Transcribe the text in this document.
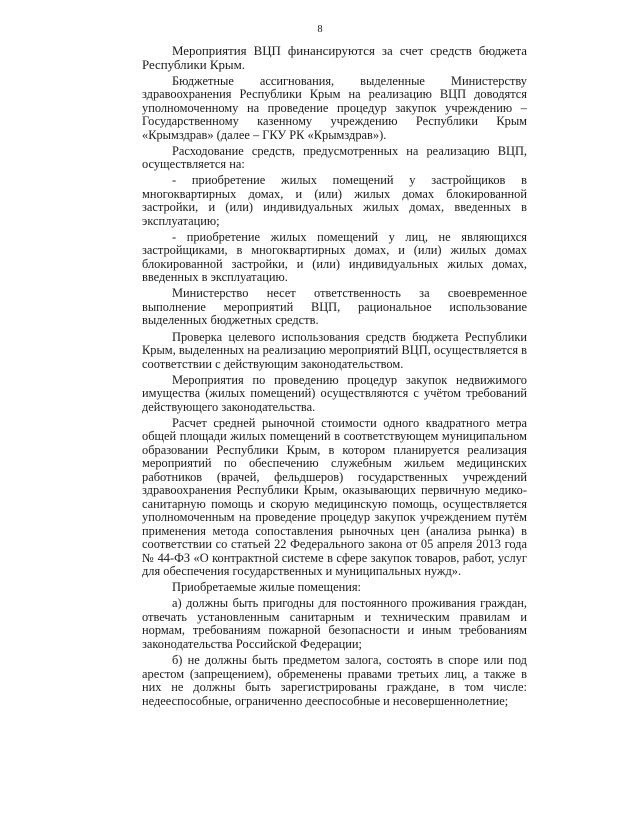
8

Мероприятия ВЦП финансируются за счет средств бюджета Республики Крым.

Бюджетные ассигнования, выделенные Министерству здравоохранения Республики Крым на реализацию ВЦП доводятся уполномоченному на проведение процедур закупок учреждению – Государственному казенному учреждению Республики Крым «Крымздрав» (далее – ГКУ РК «Крымздрав»).

Расходование средств, предусмотренных на реализацию ВЦП, осуществляется на:

- приобретение жилых помещений у застройщиков в многоквартирных домах, и (или) жилых домах блокированной застройки, и (или) индивидуальных жилых домах, введенных в эксплуатацию;

- приобретение жилых помещений у лиц, не являющихся застройщиками, в многоквартирных домах, и (или) жилых домах блокированной застройки, и (или) индивидуальных жилых домах, введенных в эксплуатацию.

Министерство несет ответственность за своевременное выполнение мероприятий ВЦП, рациональное использование выделенных бюджетных средств.

Проверка целевого использования средств бюджета Республики Крым, выделенных на реализацию мероприятий ВЦП, осуществляется в соответствии с действующим законодательством.

Мероприятия по проведению процедур закупок недвижимого имущества (жилых помещений) осуществляются с учётом требований действующего законодательства.

Расчет средней рыночной стоимости одного квадратного метра общей площади жилых помещений в соответствующем муниципальном образовании Республики Крым, в котором планируется реализация мероприятий по обеспечению служебным жильем медицинских работников (врачей, фельдшеров) государственных учреждений здравоохранения Республики Крым, оказывающих первичную медико-санитарную помощь и скорую медицинскую помощь, осуществляется уполномоченным на проведение процедур закупок учреждением путём применения метода сопоставления рыночных цен (анализа рынка) в соответствии со статьей 22 Федерального закона от 05 апреля 2013 года № 44-ФЗ «О контрактной системе в сфере закупок товаров, работ, услуг для обеспечения государственных и муниципальных нужд».

Приобретаемые жилые помещения:

а) должны быть пригодны для постоянного проживания граждан, отвечать установленным санитарным и техническим правилам и нормам, требованиям пожарной безопасности и иным требованиям законодательства Российской Федерации;

б) не должны быть предметом залога, состоять в споре или под арестом (запрещением), обременены правами третьих лиц, а также в них не должны быть зарегистрированы граждане, в том числе: недееспособные, ограниченно дееспособные и несовершеннолетние;
